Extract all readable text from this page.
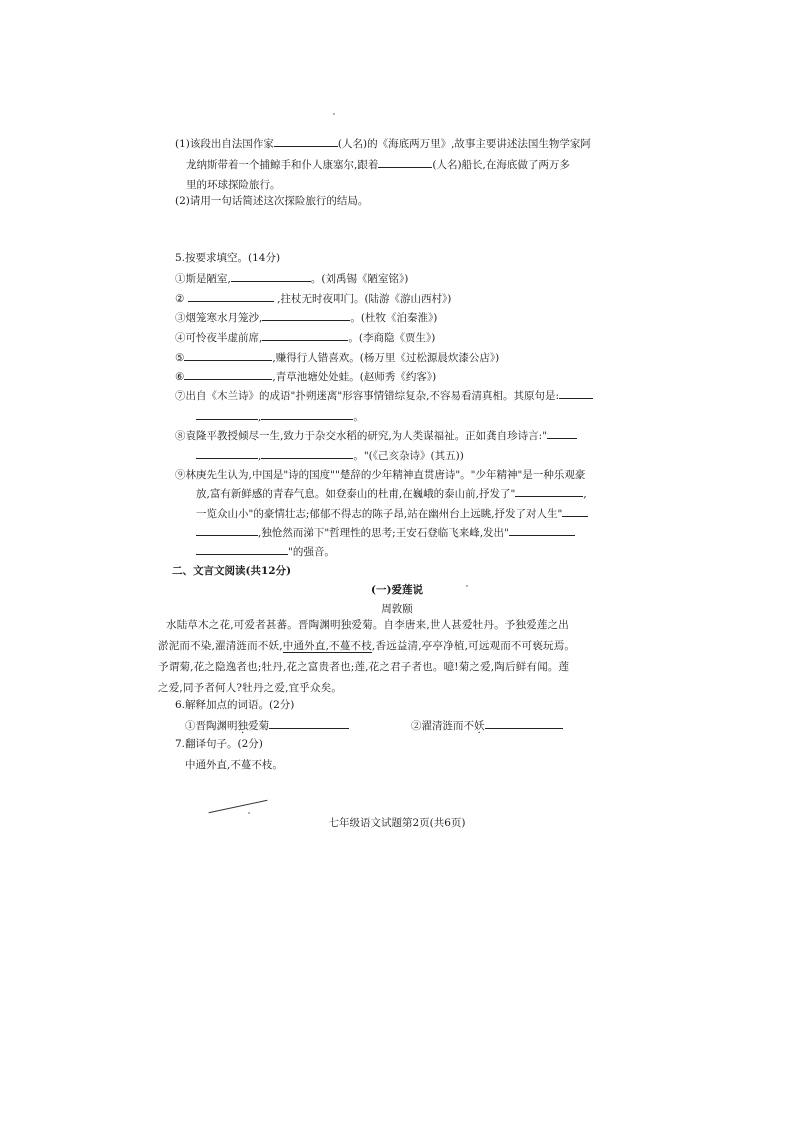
(1)该段出自法国作家	(人名)的《海底两万里》,故事主要讲述法国生物学家阿
龙纳斯带着一个捕鲸手和仆人康塞尔,跟着	(人名)船长,在海底做了两万多
里的环球探险旅行。
(2)请用一句话简述这次探险旅行的结局。
5.按要求填空。(14分)
①斯是陋室,	。(刘禹锡《陋室铭》)
②	,拄杖无时夜叩门。(陆游《游山西村》)
③烟笼寒水月笼沙,	。(杜牧《泊秦淮》)
④可怜夜半虚前席,	。(李商隐《贾生》)
⑤	,赚得行人错喜欢。(杨万里《过松源晨炊漆公店》)
⑥	,青草池塘处处蛙。(赵师秀《约客》)
⑦出自《木兰诗》的成语"扑朔迷离"形容事情错综复杂,不容易看清真相。其原句是:
,	。
⑧袁隆平教授倾尽一生,致力于杂交水稻的研究,为人类谋福祉。正如龚自珍诗言:"
,	。"(《己亥杂诗》(其五))
⑨林庚先生认为,中国是"诗的国度""楚辞的少年精神直贯唐诗"。"少年精神"是一种乐观豪
放,富有新鲜感的青春气息。如登泰山的杜甫,在巍峨的泰山前,抒发了"	,
一览众山小"的豪情壮志;郁郁不得志的陈子昂,站在幽州台上远眺,抒发了对人生"
,独怆然而涕下"哲理性的思考;王安石登临飞来峰,发出"
"的强音。
二、文言文阅读(共12分)
(一)爱莲说
周敦颐
水陆草木之花,可爱者甚蕃。晋陶渊明独爱菊。自李唐来,世人甚爱牡丹。予独爱莲之出
淤泥而不染,濯清涟而不妖,中通外直,不蔓不枝,香远益清,亭亭净植,可远观而不可亵玩焉。
予谓菊,花之隐逸者也;牡丹,花之富贵者也;莲,花之君子者也。噫!菊之爱,陶后鲜有闻。莲
之爱,同予者何人?牡丹之爱,宜乎众矣。
6.解释加点的词语。(2分)
①晋陶渊明独爱菊	②濯清涟而不妖
7.翻译句子。(2分)
中通外直,不蔓不枝。
七年级语文试题第2页(共6页)
